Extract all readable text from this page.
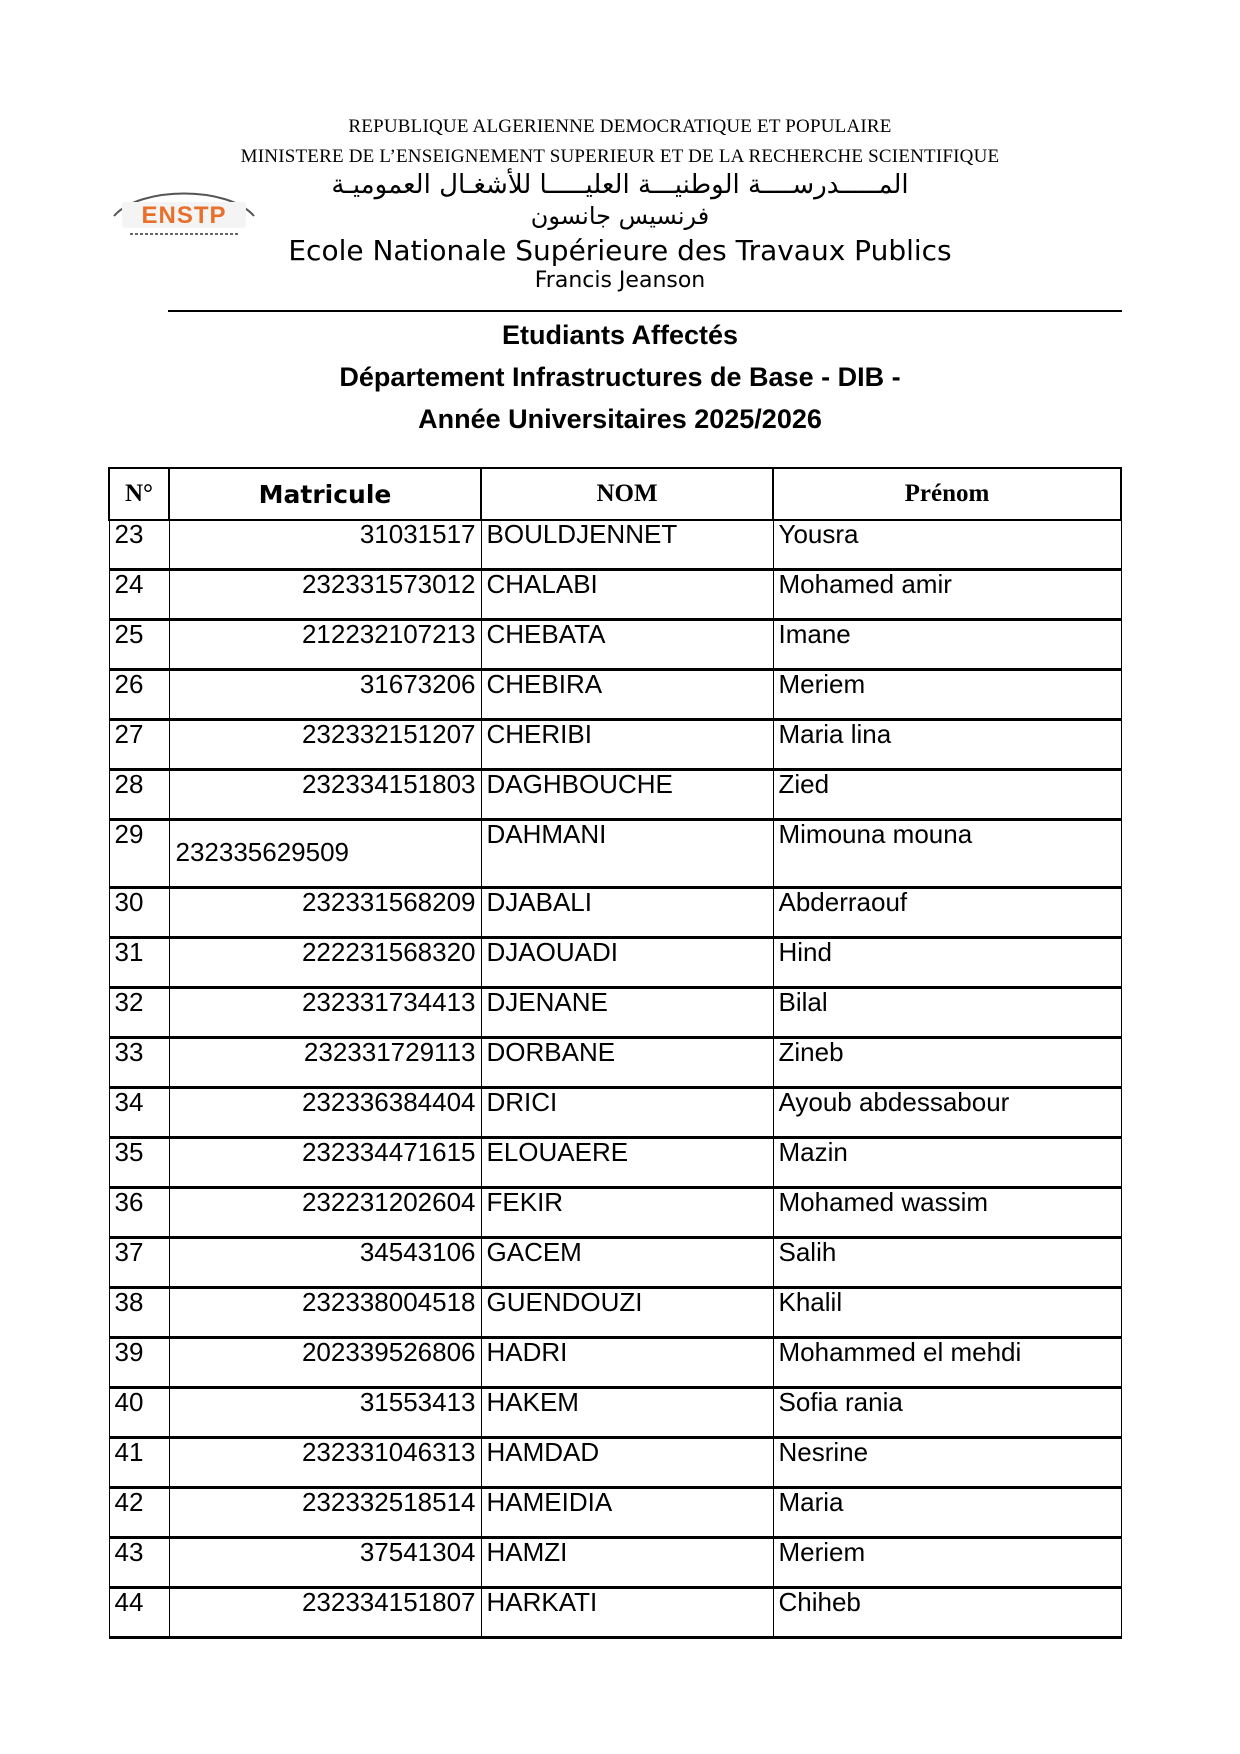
REPUBLIQUE ALGERIENNE DEMOCRATIQUE ET POPULAIRE
MINISTERE DE L’ENSEIGNEMENT SUPERIEUR ET DE LA RECHERCHE SCIENTIFIQUE
ENSTP
المـــــدرســــة الوطنيـــة العليـــــا للأشغـال العموميـة
فرنسيس جانسون
Ecole Nationale Supérieure des Travaux Publics
Francis Jeanson
Etudiants Affectés
Département Infrastructures de Base - DIB -
Année Universitaires 2025/2026
N°	Matricule	NOM	Prénom
23	31031517	BOULDJENNET	Yousra
24	232331573012	CHALABI	Mohamed amir
25	212232107213	CHEBATA	Imane
26	31673206	CHEBIRA	Meriem
27	232332151207	CHERIBI	Maria lina
28	232334151803	DAGHBOUCHE	Zied
29	232335629509	DAHMANI	Mimouna mouna
30	232331568209	DJABALI	Abderraouf
31	222231568320	DJAOUADI	Hind
32	232331734413	DJENANE	Bilal
33	232331729113	DORBANE	Zineb
34	232336384404	DRICI	Ayoub abdessabour
35	232334471615	ELOUAERE	Mazin
36	232231202604	FEKIR	Mohamed wassim
37	34543106	GACEM	Salih
38	232338004518	GUENDOUZI	Khalil
39	202339526806	HADRI	Mohammed el mehdi
40	31553413	HAKEM	Sofia rania
41	232331046313	HAMDAD	Nesrine
42	232332518514	HAMEIDIA	Maria
43	37541304	HAMZI	Meriem
44	232334151807	HARKATI	Chiheb
